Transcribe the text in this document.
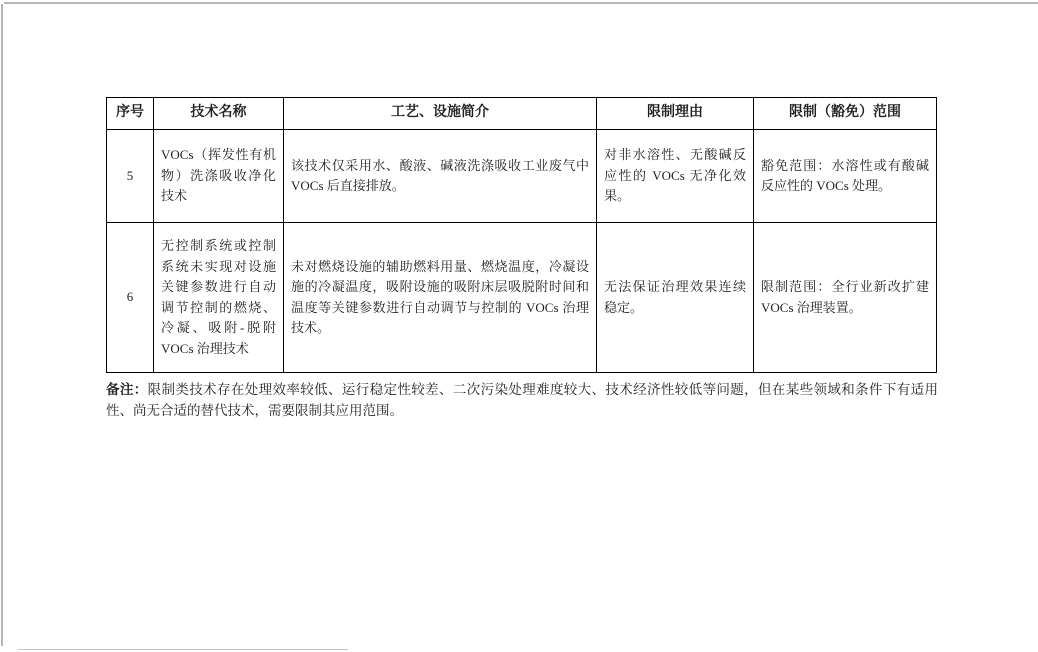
序号	技术名称	工艺、设施简介	限制理由	限制（豁免）范围
5	VOCs（挥发性有机物）洗涤吸收净化技术	该技术仅采用水、酸液、碱液洗涤吸收工业废气中 VOCs 后直接排放。	对非水溶性、无酸碱反应性的 VOCs 无净化效果。	豁免范围：水溶性或有酸碱反应性的 VOCs 处理。
6	无控制系统或控制系统未实现对设施关键参数进行自动调节控制的燃烧、冷凝、吸附-脱附 VOCs 治理技术	未对燃烧设施的辅助燃料用量、燃烧温度，冷凝设施的冷凝温度，吸附设施的吸附床层吸脱附时间和温度等关键参数进行自动调节与控制的 VOCs 治理技术。	无法保证治理效果连续稳定。	限制范围：全行业新改扩建 VOCs 治理装置。

备注：限制类技术存在处理效率较低、运行稳定性较差、二次污染处理难度较大、技术经济性较低等问题，但在某些领域和条件下有适用性、尚无合适的替代技术，需要限制其应用范围。
